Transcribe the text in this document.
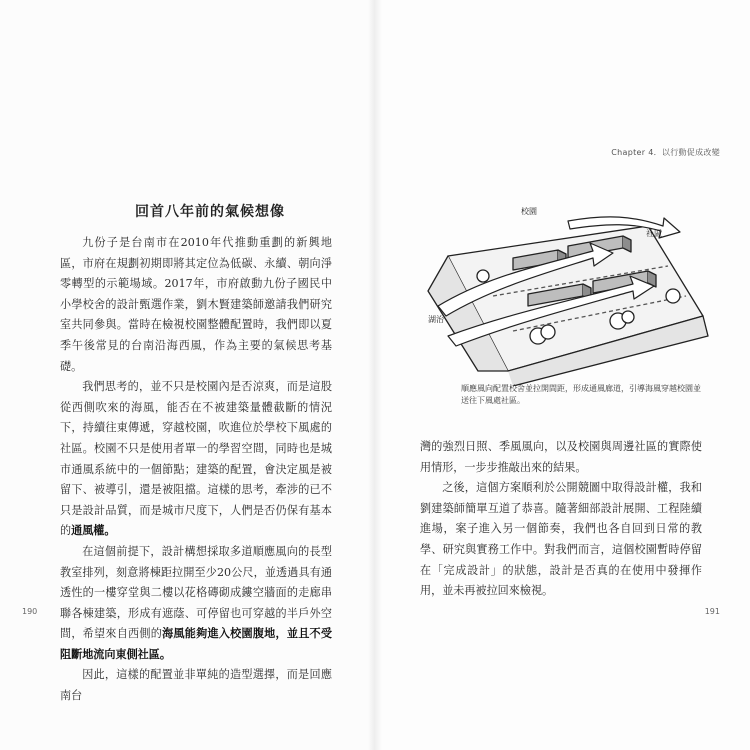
回首八年前的氣候想像

九份子是台南市在2010年代推動重劃的新興地區，市府在規劃初期即將其定位為低碳、永續、朝向淨零轉型的示範場域。2017年，市府啟動九份子國民中小學校舍的設計甄選作業，劉木賢建築師邀請我們研究室共同參與。當時在檢視校園整體配置時，我們即以夏季午後常見的台南沿海西風，作為主要的氣候思考基礎。

我們思考的，並不只是校園內是否涼爽，而是這股從西側吹來的海風，能否在不被建築量體截斷的情況下，持續往東傳遞，穿越校園，吹進位於學校下風處的社區。校園不只是使用者單一的學習空間，同時也是城市通風系統中的一個節點；建築的配置，會決定風是被留下、被導引，還是被阻擋。這樣的思考，牽涉的已不只是設計品質，而是城市尺度下，人們是否仍保有基本的通風權。

在這個前提下，設計構想採取多道順應風向的長型教室排列，刻意將棟距拉開至少20公尺，並透過具有通透性的一樓穿堂與二樓以花格磚砌成鏤空牆面的走廊串聯各棟建築，形成有遮蔭、可停留也可穿越的半戶外空間，希望來自西側的海風能夠進入校園腹地，並且不受阻斷地流向東側社區。

因此，這樣的配置並非單純的造型選擇，而是回應南台

190
Chapter 4．以行動促成改變
校園
社區
湖治
順應風向配置校舍並拉開間距，形成通風廊道，引導海風穿越校園並送往下風處社區。

灣的強烈日照、季風風向，以及校園與周邊社區的實際使用情形，一步步推敲出來的結果。

之後，這個方案順利於公開競圖中取得設計權，我和劉建築師簡單互道了恭喜。隨著細部設計展開、工程陸續進場，案子進入另一個節奏，我們也各自回到日常的教學、研究與實務工作中。對我們而言，這個校園暫時停留在「完成設計」的狀態，設計是否真的在使用中發揮作用，並未再被拉回來檢視。

191
